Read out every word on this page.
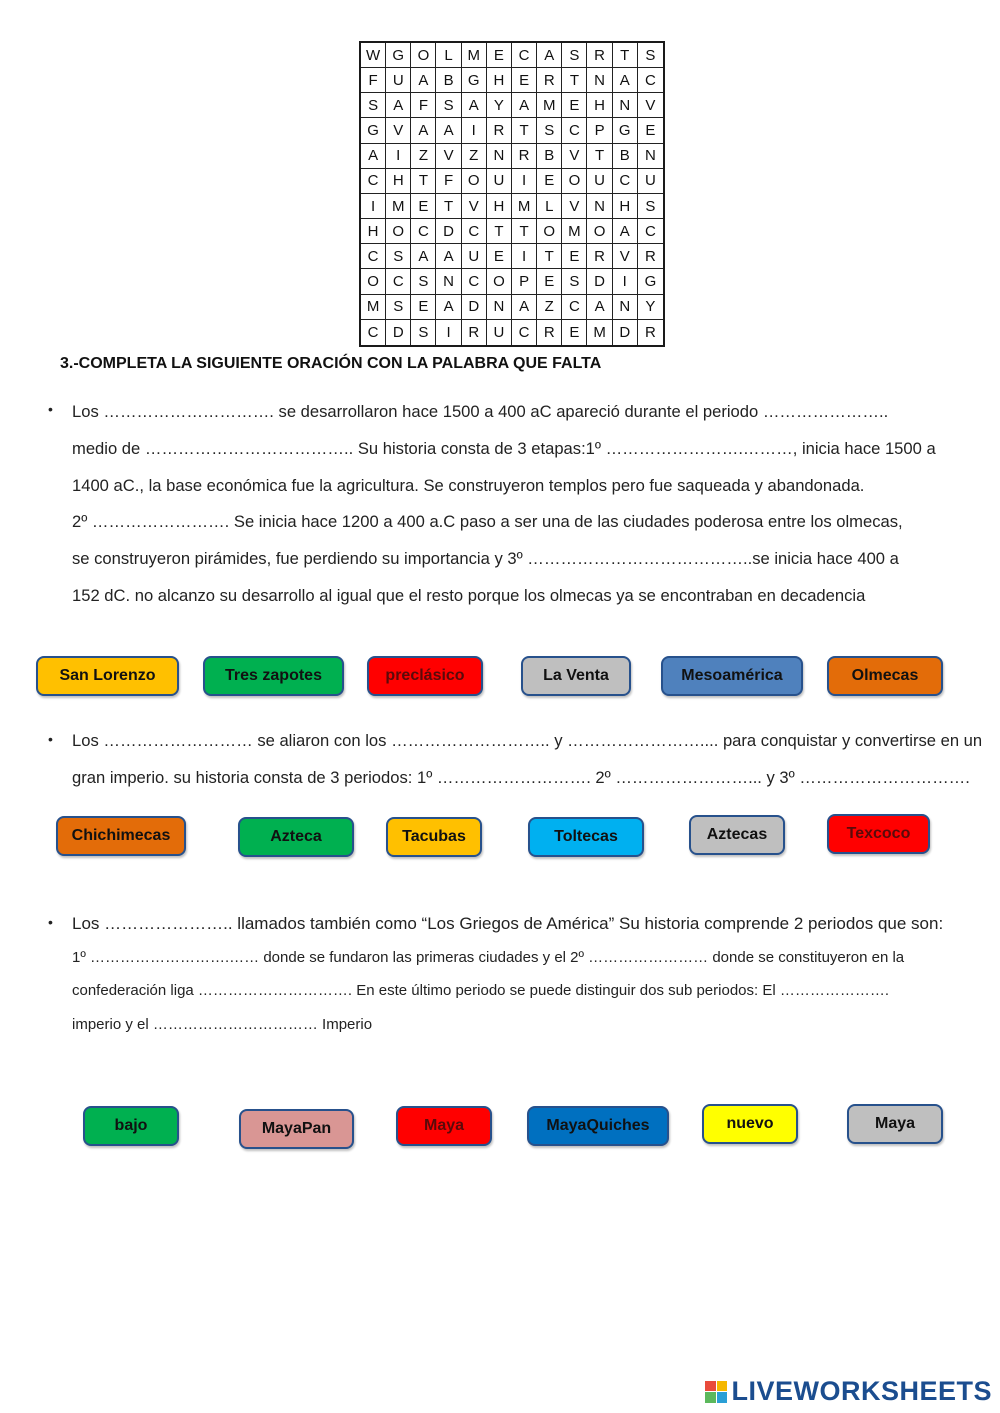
W G O	L M E C A	S R	T	S
F	U A	B G H E R	T	N A	C
S	A	F	S	A	Y	A M E H N	V
G V	A	A	I	R	T	S C P G E
A	I	Z	V	Z	N R B	V	T	B	N
C H	T	F O U	I	E O U C U
I	M E	T	V H M L	V N H	S
H O C D C	T	T O M O A	C
C S	A	A U E	I	T	E R V	R
O C S N C O P	E	S D	I	G
M S	E	A D N A	Z	C A N	Y
C D S	I	R U C R E M D R
3.-COMPLETA LA SIGUIENTE ORACIÓN CON LA PALABRA QUE FALTA
• Los …………………………. se desarrollaron hace 1500 a 400 aC apareció durante el periodo …………………..
medio de ……………………………….. Su historia consta de 3 etapas:1º …………………….………, inicia hace 1500 a
1400 aC., la base económica fue la agricultura. Se construyeron templos pero fue saqueada y abandonada.
2º ……………………. Se inicia hace 1200 a 400 a.C paso a ser una de las ciudades poderosa entre los olmecas,
se construyeron pirámides, fue perdiendo su importancia y 3º …………………………………..se inicia hace 400 a
152 dC. no alcanzo su desarrollo al igual que el resto porque los olmecas ya se encontraban en decadencia
San Lorenzo	Tres zapotes	preclásico	La Venta	Mesoamérica	Olmecas
• Los ……………………… se aliaron con los ……………………….. y …………………….... para conquistar y convertirse en un
gran imperio. su historia consta de 3 periodos: 1º ………………………. 2º ……………………... y 3º ………………………….
Chichimecas	Azteca	Tacubas	Toltecas	Aztecas	Texcoco
• Los ………………….. llamados también como “Los Griegos de América” Su historia comprende 2 periodos que son:
1º ……………………….…… donde se fundaron las primeras ciudades y el 2º …………………… donde se constituyeron en la
confederación liga …………………………. En este último periodo se puede distinguir dos sub periodos: El ………………….
imperio y el …………………………… Imperio
bajo	MayaPan	Maya	MayaQuiches	nuevo	Maya
LIVEWORKSHEETS
